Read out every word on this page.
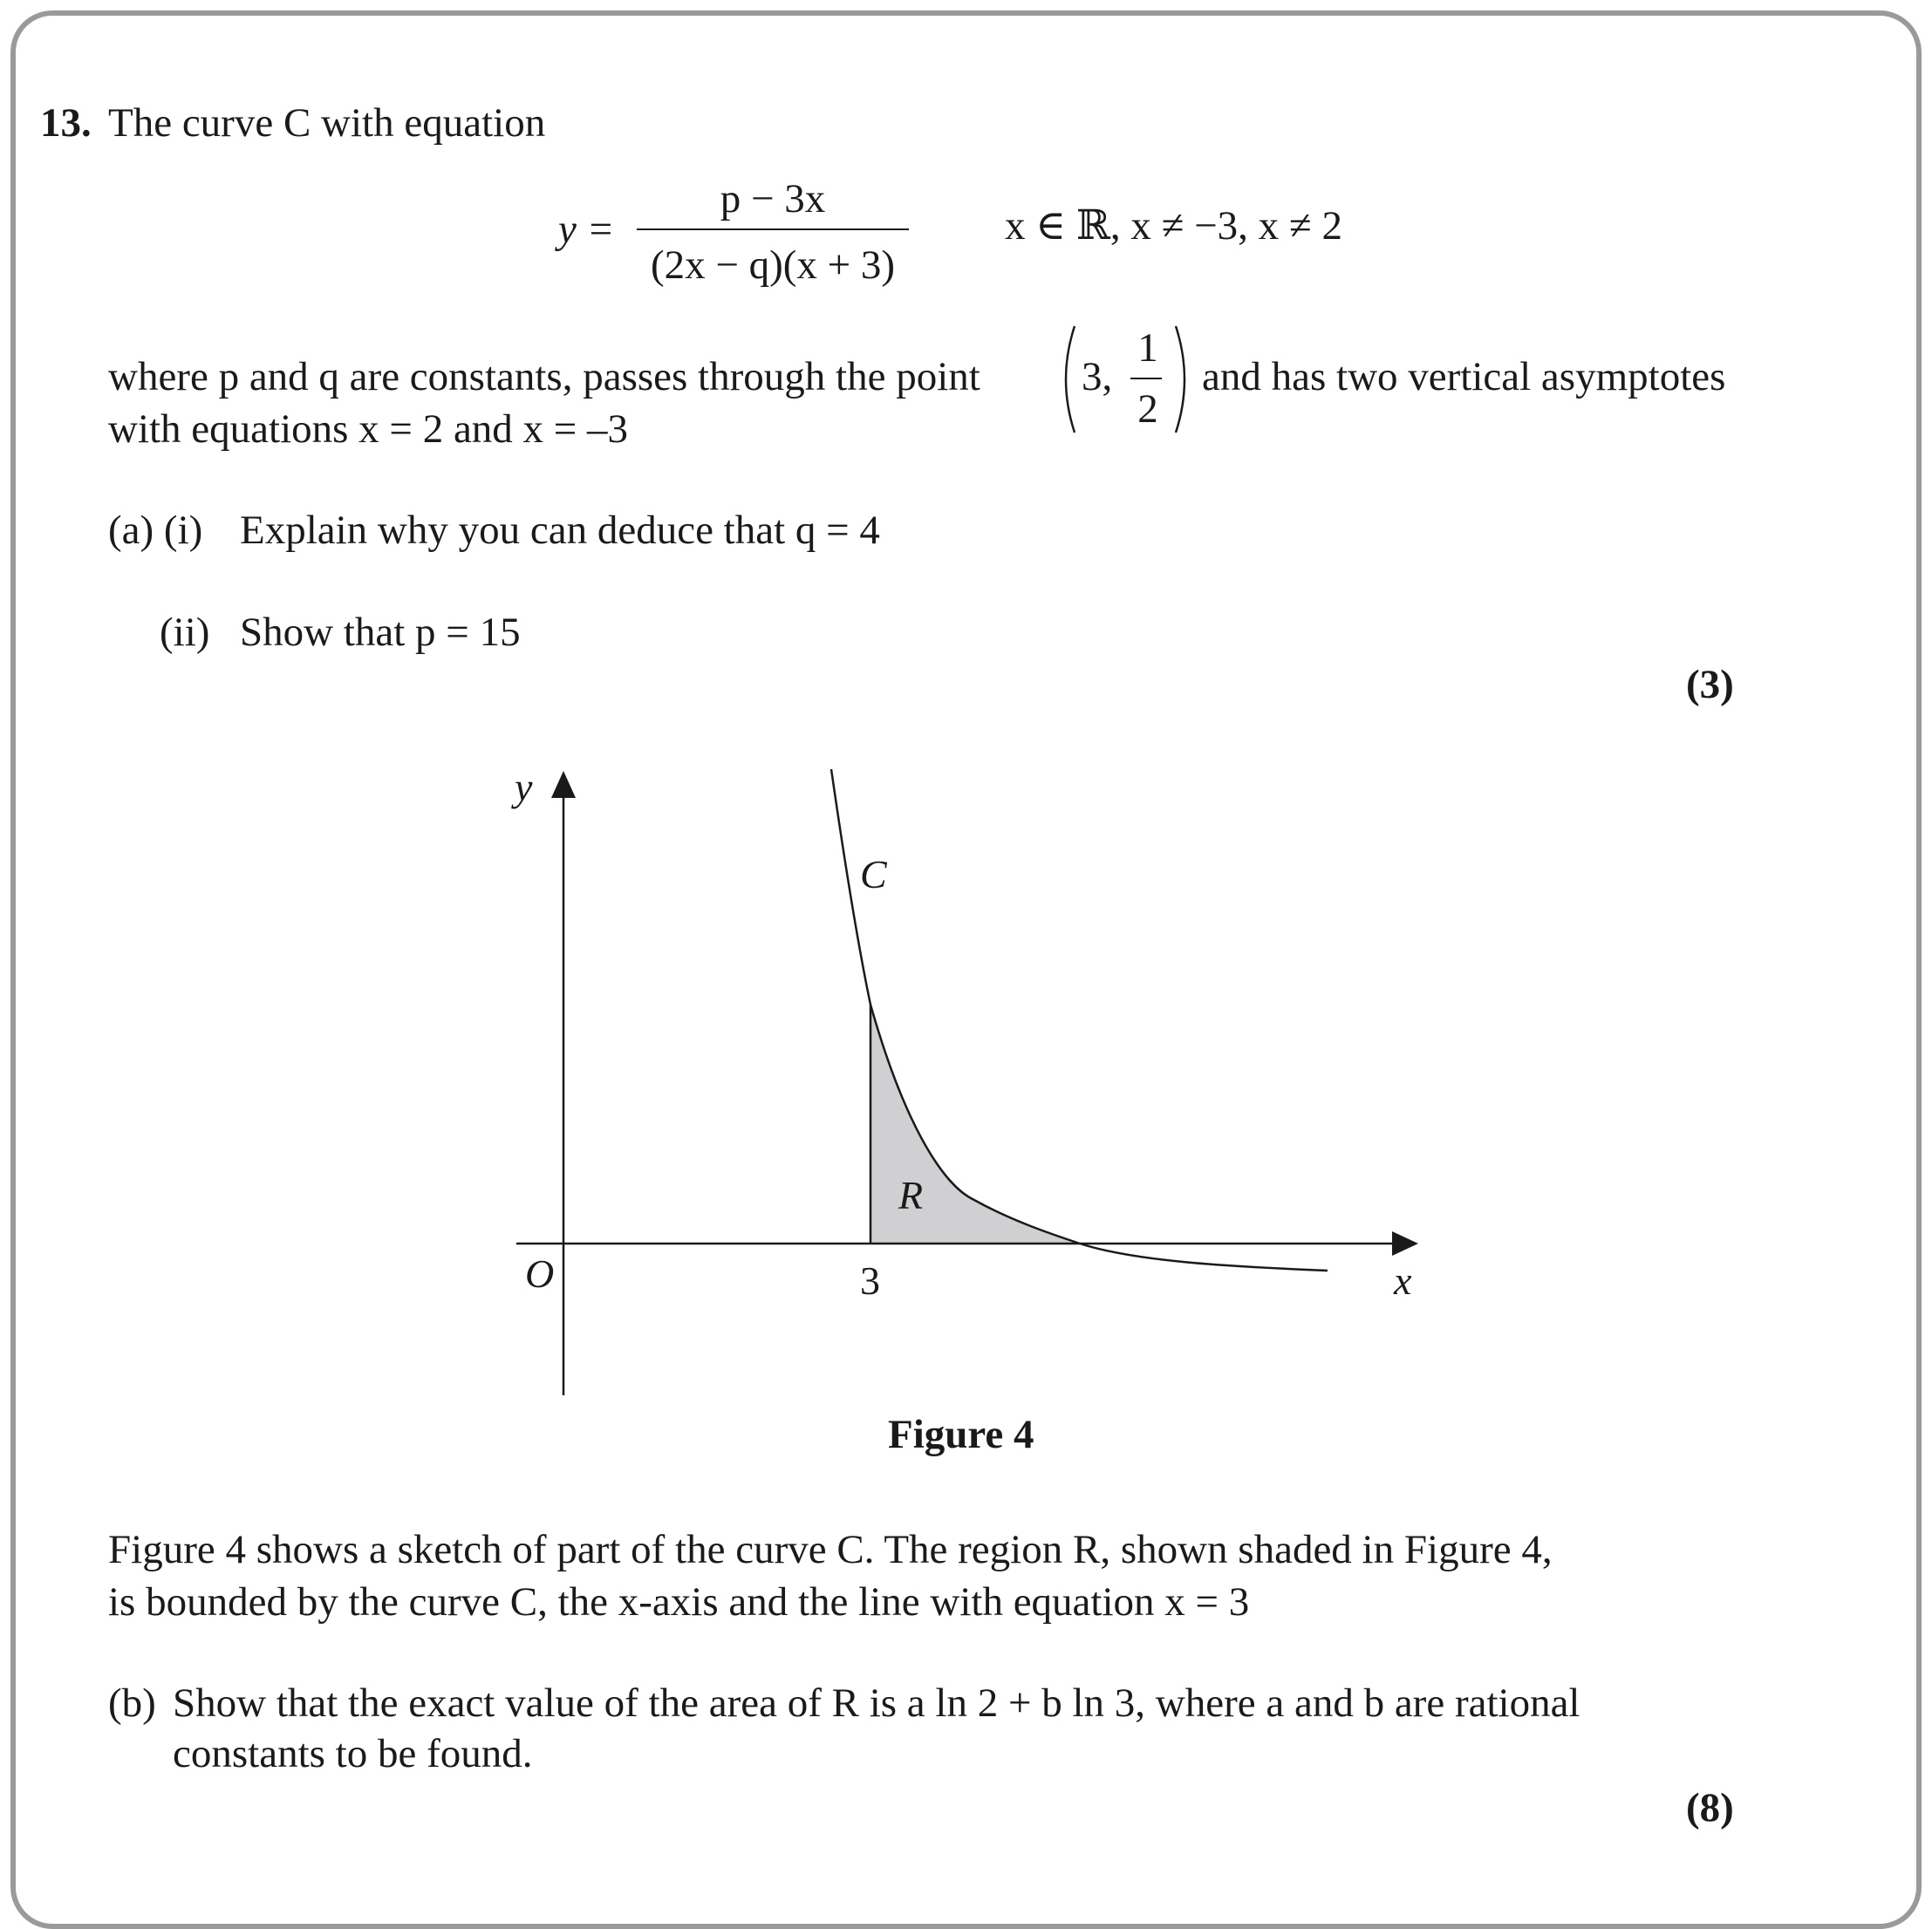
13. The curve C with equation
y =
p − 3x
(2x − q)(x + 3)
x ∈ ℝ, x ≠ −3, x ≠ 2
where p and q are constants, passes through the point 3,
1
2
and has two vertical asymptotes
with equations x = 2 and x = –3
(a) (i) Explain why you can deduce that q = 4
(ii) Show that p = 15
(3)
y
C
R
O	3	x
Figure 4
Figure 4 shows a sketch of part of the curve C. The region R, shown shaded in Figure 4,
is bounded by the curve C, the x-axis and the line with equation x = 3
(b) Show that the exact value of the area of R is a ln 2 + b ln 3, where a and b are rational
constants to be found.
(8)
